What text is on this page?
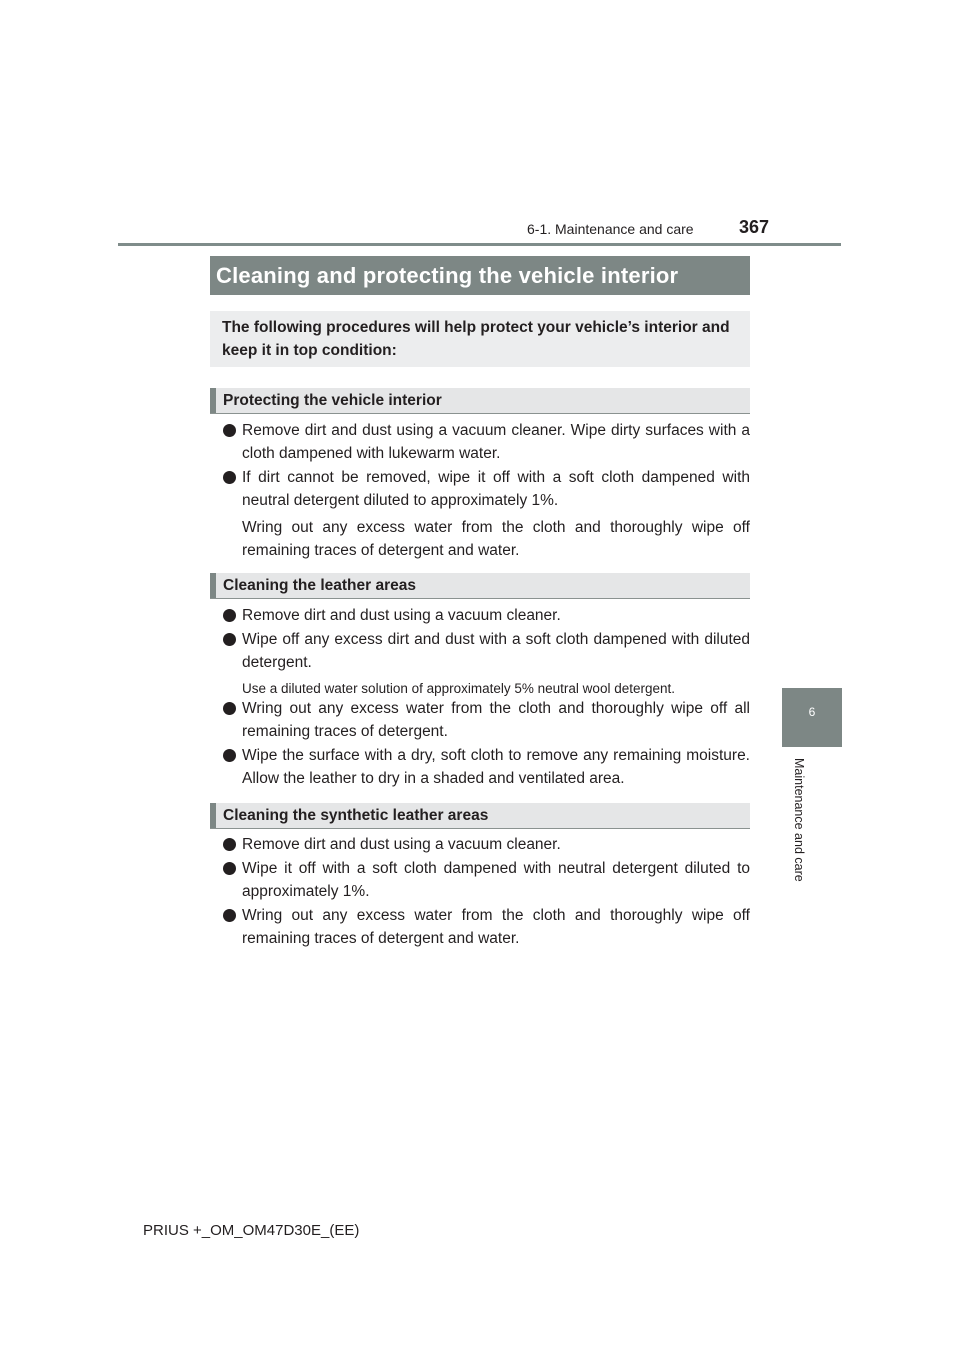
6-1. Maintenance and care	367
Cleaning and protecting the vehicle interior
The following procedures will help protect your vehicle’s interior and keep it in top condition:
Protecting the vehicle interior
Remove dirt and dust using a vacuum cleaner. Wipe dirty surfaces with a cloth dampened with lukewarm water.
If dirt cannot be removed, wipe it off with a soft cloth dampened with neutral detergent diluted to approximately 1%.
Wring out any excess water from the cloth and thoroughly wipe off remaining traces of detergent and water.
Cleaning the leather areas
Remove dirt and dust using a vacuum cleaner.
Wipe off any excess dirt and dust with a soft cloth dampened with diluted detergent.
Use a diluted water solution of approximately 5% neutral wool detergent.
Wring out any excess water from the cloth and thoroughly wipe off all remaining traces of detergent.
Wipe the surface with a dry, soft cloth to remove any remaining moisture. Allow the leather to dry in a shaded and ventilated area.
Cleaning the synthetic leather areas
Remove dirt and dust using a vacuum cleaner.
Wipe it off with a soft cloth dampened with neutral detergent diluted to approximately 1%.
Wring out any excess water from the cloth and thoroughly wipe off remaining traces of detergent and water.
6
Maintenance and care
PRIUS +_OM_OM47D30E_(EE)
